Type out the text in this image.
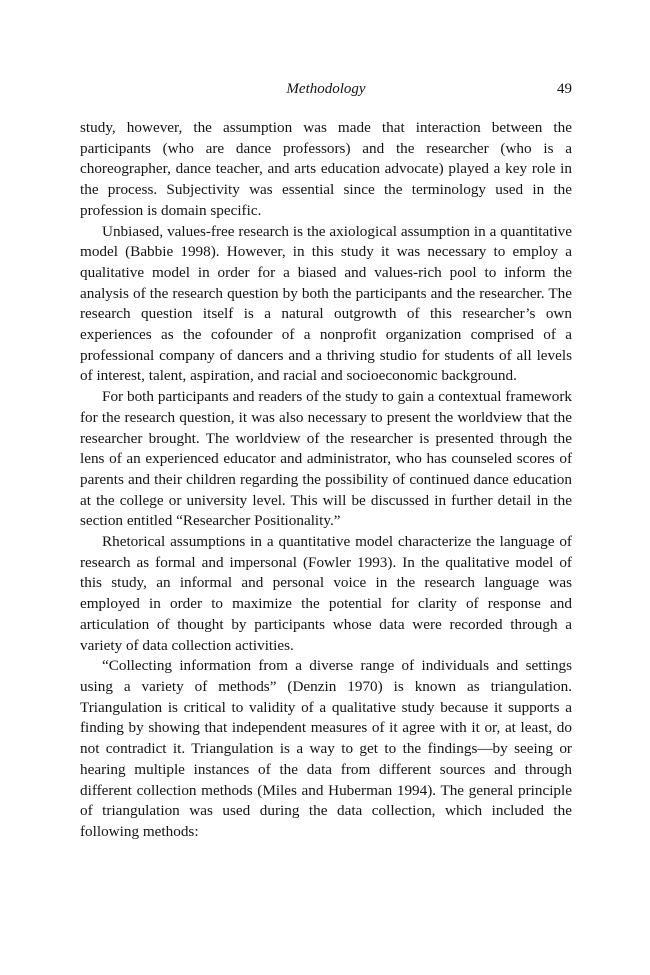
Methodology	49

study, however, the assumption was made that interaction between the participants (who are dance professors) and the researcher (who is a choreographer, dance teacher, and arts education advocate) played a key role in the process. Subjectivity was essential since the terminology used in the profession is domain specific.

Unbiased, values-free research is the axiological assumption in a quantitative model (Babbie 1998). However, in this study it was necessary to employ a qualitative model in order for a biased and values-rich pool to inform the analysis of the research question by both the participants and the researcher. The research question itself is a natural outgrowth of this researcher’s own experiences as the cofounder of a nonprofit organization comprised of a professional company of dancers and a thriving studio for students of all levels of interest, talent, aspiration, and racial and socioeconomic background.

For both participants and readers of the study to gain a contextual framework for the research question, it was also necessary to present the worldview that the researcher brought. The worldview of the researcher is presented through the lens of an experienced educator and administrator, who has counseled scores of parents and their children regarding the possibility of continued dance education at the college or university level. This will be discussed in further detail in the section entitled “Researcher Positionality.”

Rhetorical assumptions in a quantitative model characterize the language of research as formal and impersonal (Fowler 1993). In the qualitative model of this study, an informal and personal voice in the research language was employed in order to maximize the potential for clarity of response and articulation of thought by participants whose data were recorded through a variety of data collection activities.

“Collecting information from a diverse range of individuals and settings using a variety of methods” (Denzin 1970) is known as triangulation. Triangulation is critical to validity of a qualitative study because it supports a finding by showing that independent measures of it agree with it or, at least, do not contradict it. Triangulation is a way to get to the findings—by seeing or hearing multiple instances of the data from different sources and through different collection methods (Miles and Huberman 1994). The general principle of triangulation was used during the data collection, which included the following methods:
